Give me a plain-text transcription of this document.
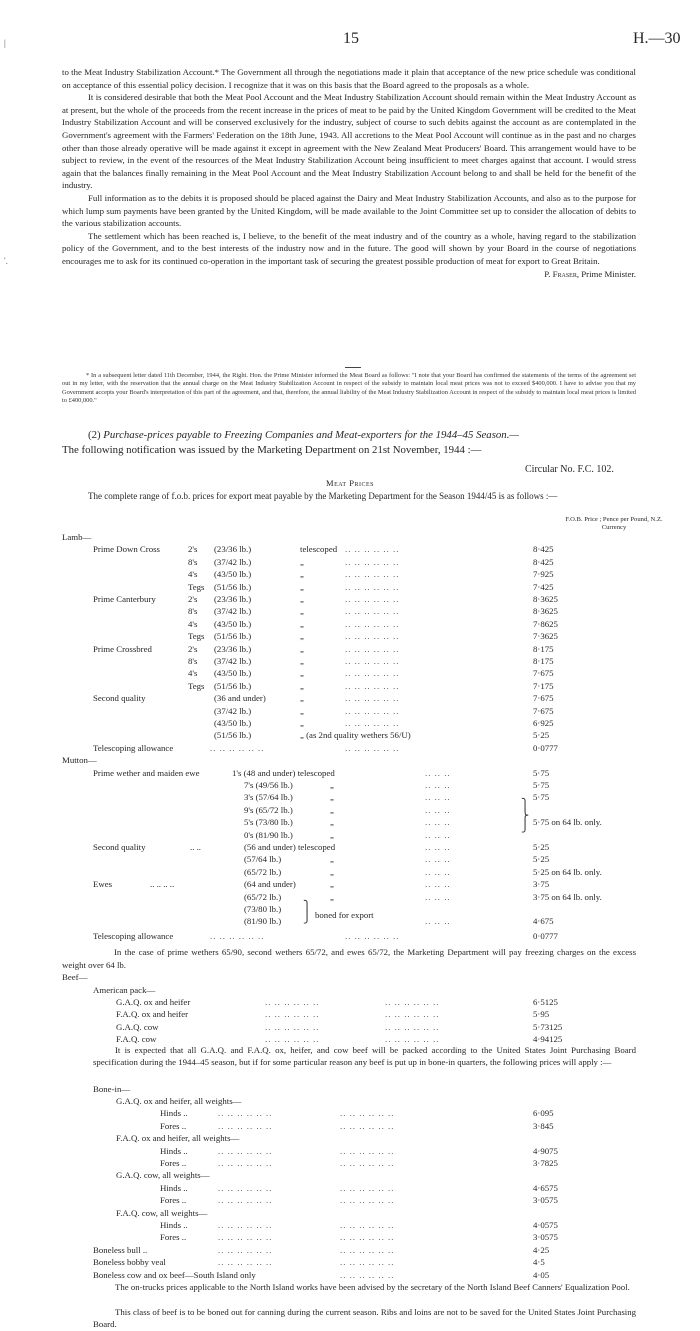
|
'.
15	H.—30

to the Meat Industry Stabilization Account.* The Government all through the negotiations made it plain that acceptance of the new price schedule was conditional on acceptance of this essential policy decision. I recognize that it was on this basis that the Board agreed to the proposals as a whole.

It is considered desirable that both the Meat Pool Account and the Meat Industry Stabilization Account should remain within the Meat Industry Account as at present, but the whole of the proceeds from the recent increase in the prices of meat to be paid by the United Kingdom Government will be credited to the Meat Industry Stabilization Account and will be conserved exclusively for the industry, subject of course to such debits against the account as are contemplated in the Government's agreement with the Farmers' Federation on the 18th June, 1943. All accretions to the Meat Pool Account will continue as in the past and no charges other than those already operative will be made against it except in agreement with the New Zealand Meat Producers' Board. This arrangement would have to be subject to review, in the event of the resources of the Meat Industry Stabilization Account being insufficient to meet charges against that account. I would stress again that the balances finally remaining in the Meat Pool Account and the Meat Industry Stabilization Account belong to and shall be held for the benefit of the industry.

Full information as to the debits it is proposed should be placed against the Dairy and Meat Industry Stabilization Accounts, and also as to the purpose for which lump sum payments have been granted by the United Kingdom, will be made available to the Joint Committee set up to consider the allocation of debits to the various stabilization accounts.

The settlement which has been reached is, I believe, to the benefit of the meat industry and of the country as a whole, having regard to the stabilization policy of the Government, and to the best interests of the industry now and in the future. The good will shown by your Board in the course of negotiations encourages me to ask for its continued co-operation in the important task of securing the greatest possible production of meat for export to Great Britain.

P. Fraser, Prime Minister.

* In a subsequent letter dated 11th December, 1944, the Right. Hon. the Prime Minister informed the Meat Board as follows: "I note that your Board has confirmed the statements of the terms of the agreement set out in my letter, with the reservation that the annual charge on the Meat Industry Stabilization Account in respect of the subsidy to maintain local meat prices was not to exceed $400,000. I have to advise you that my Government accepts your Board's interpretation of this part of the agreement, and that, therefore, the annual liability of the Meat Industry Stabilization Account in respect of the subsidy to maintain local meat prices is limited to £400,000."

(2) Purchase-prices payable to Freezing Companies and Meat-exporters for the 1944–45 Season.—

The following notification was issued by the Marketing Department on 21st November, 1944 :—

Circular No. F.C. 102.
Meat Prices
The complete range of f.o.b. prices for export meat payable by the Marketing Department for the Season 1944/45 is as follows :—
F.O.B. Price ; Pence per Pound, N.Z. Currency
Lamb—
Prime Down Cross	2's (23/36 lb.)	telescoped .. .. .. .. .. ..	8·425
8's (37/42 lb.)	„	.. .. .. .. .. ..	8·425
4's (43/50 lb.)	„	.. .. .. .. .. ..	7·925
Tegs (51/56 lb.)	„	.. .. .. .. .. ..	7·425
Prime Canterbury	2's (23/36 lb.)	„	.. .. .. .. .. ..	8·3625
8's (37/42 lb.)	„	.. .. .. .. .. ..	8·3625
4's (43/50 lb.)	„	.. .. .. .. .. ..	7·8625
Tegs (51/56 lb.)	„	.. .. .. .. .. ..	7·3625
Prime Crossbred	2's (23/36 lb.)	„	.. .. .. .. .. ..	8·175
8's (37/42 lb.)	„	.. .. .. .. .. ..	8·175
4's (43/50 lb.)	„	.. .. .. .. .. ..	7·675
Tegs (51/56 lb.)	„	.. .. .. .. .. ..	7·175
Second quality	(36 and under)	„	.. .. .. .. .. ..	7·675
(37/42 lb.)	„	.. .. .. .. .. ..	7·675
(43/50 lb.)	„	.. .. .. .. .. ..	6·925
(51/56 lb.)	„ (as 2nd quality wethers 56/U)	5·25
Telescoping allowance	.. .. .. .. .. ..	.. .. .. .. .. ..	0·0777
Mutton—
Prime wether and maiden ewe	1's (48 and under) telescoped	.. .. ..	5·75
7's (49/56 lb.)	„	.. .. ..	5·75
3's (57/64 lb.)	„	.. .. ..	5·75
9's (65/72 lb.)	„	.. .. ..
5's (73/80 lb.)	„	.. .. ..	5·75 on 64 lb. only.
0's (81/90 lb.)	„	.. .. ..
⎫
⎬
⎭
Second quality	.. ..	(56 and under) telescoped	.. .. ..	5·25
(57/64 lb.)	„	.. .. ..	5·25
(65/72 lb.)	„	.. .. ..	5·25 on 64 lb. only.
Ewes	.. .. .. ..	(64 and under)	„	.. .. ..	3·75
(65/72 lb.)	„	.. .. ..	3·75 on 64 lb. only.
(73/80 lb.)
(81/90 lb.)	.. .. ..	4·675
⎫
⎭ boned for export
Telescoping allowance	.. .. .. .. .. ..	.. .. .. .. .. ..	0·0777
In the case of prime wethers 65/90, second wethers 65/72, and ewes 65/72, the Marketing Department will pay freezing charges on the excess weight over 64 lb.
Beef—
American pack—
G.A.Q. ox and heifer	.. .. .. .. .. ..	.. .. .. .. .. ..	6·5125
F.A.Q. ox and heifer	.. .. .. .. .. ..	.. .. .. .. .. ..	5·95
G.A.Q. cow	.. .. .. .. .. ..	.. .. .. .. .. ..	5·73125
F.A.Q. cow	.. .. .. .. .. ..	.. .. .. .. .. ..	4·94125
It is expected that all G.A.Q. and F.A.Q. ox, heifer, and cow beef will be packed according to the United States Joint Purchasing Board specification during the 1944–45 season, but if for some particular reason any beef is put up in bone-in quarters, the following prices will apply :—
Bone-in—
G.A.Q. ox and heifer, all weights—
Hinds ..	.. .. .. .. .. ..	.. .. .. .. .. ..	6·095
Fores ..	.. .. .. .. .. ..	.. .. .. .. .. ..	3·845
F.A.Q. ox and heifer, all weights—
Hinds ..	.. .. .. .. .. ..	.. .. .. .. .. ..	4·9075
Fores ..	.. .. .. .. .. ..	.. .. .. .. .. ..	3·7825
G.A.Q. cow, all weights—
Hinds ..	.. .. .. .. .. ..	.. .. .. .. .. ..	4·6575
Fores ..	.. .. .. .. .. ..	.. .. .. .. .. ..	3·0575
F.A.Q. cow, all weights—
Hinds ..	.. .. .. .. .. ..	.. .. .. .. .. ..	4·0575
Fores ..	.. .. .. .. .. ..	.. .. .. .. .. ..	3·0575
Boneless bull ..	.. .. .. .. .. ..	.. .. .. .. .. ..	4·25
Boneless bobby veal	.. .. .. .. .. ..	.. .. .. .. .. ..	4·5
Boneless cow and ox beef—South Island only	.. .. .. .. .. ..	4·05
The on-trucks prices applicable to the North Island works have been advised by the secretary of the North Island Beef Canners' Equalization Pool.
This class of beef is to be boned out for canning during the current season. Ribs and loins are not to be saved for the United States Joint Purchasing Board.
